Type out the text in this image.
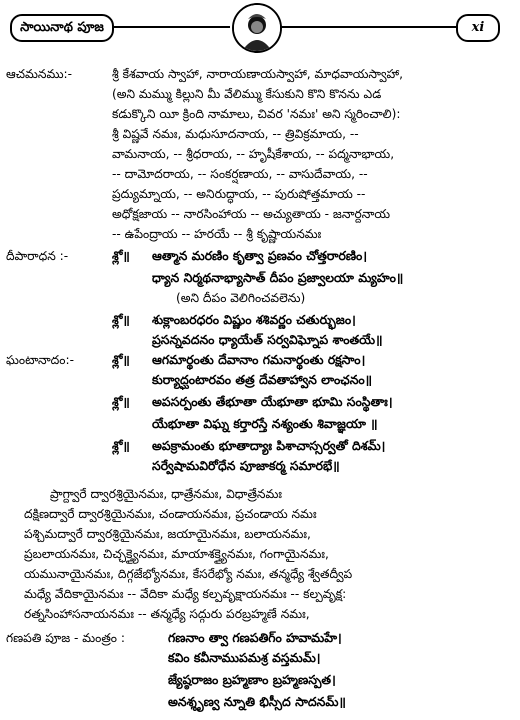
సాయినాథ పూజ	xi
ఆచమనము:-	శ్రీ కేశవాయ స్వాహా, నారాయణాయస్వాహా, మాధవాయస్వాహా,
(అని మమ్ము కిల్లుని మీ వేలిమ్ము కేసుకుని కొని కొనను ఎడ
కడుక్కొని యీ క్రింది నామాలు, చివర 'నమః' అని స్మరించాలి):
శ్రీ విష్ణవే నమః, మధుసూదనాయ, -- త్రివిక్రమాయ, --
వామనాయ, -- శ్రీధరాయ, -- హృషీకేశాయ, -- పద్మనాభాయ,
-- దామోదరాయ, -- సంకర్షణాయ, -- వాసుదేవాయ, --
ప్రద్యుమ్నాయ, -- అనిరుద్ధాయ, -- పురుషోత్తమాయ --
అధోక్షజాయ -- నారసింహాయ -- అచ్యుతాయ - జనార్దనాయ
-- ఉపేంద్రాయ -- హరయే -- శ్రీ కృష్ణాయనమః
దీపారాధన :-	శ్లో॥ ఆత్మాన మరణిం కృత్వా ప్రణవం చోత్తరారణిం।
ధ్యాన నిర్మథనాభ్యాసాత్ దీపం ప్రజ్వాలయా మ్యహం॥
(అని దీపం వెలిగించవలెను)
శ్లో॥ శుక్లాంబరధరం విష్ణుం శశివర్ణం చతుర్భుజం।
ప్రసన్నవదనం ధ్యాయేత్ సర్వవిఘ్నోప శాంతయే॥
ఘంటానాదం:-	శ్లో॥ ఆగమార్థంతు దేవానాం గమనార్థంతు రక్షసాం।
కుర్యాద్ఘంటారవం తత్ర దేవతాహ్వాన లాంఛనం॥
శ్లో॥ అపసర్పంతు తేభూతా యేభూతా భూమి సంస్థితాః।
యేభూతా విఘ్న కర్తారస్తే నశ్యంతు శివాజ్ఞయా ॥
శ్లో॥ అపక్రామంతు భూతాద్యాః పిశాచాస్సర్వతో దిశమ్।
సర్వేషామవిరోధేన పూజాకర్మ సమారభే॥
ప్రాగ్ద్వారే ద్వారశ్రియైనమః, ధాత్రేనమః, విధాత్రేనమః
దక్షిణద్వారే ద్వారశ్రియైనమః, చండాయనమః, ప్రచండాయ నమః
పశ్చిమద్వారే ద్వారశ్రియైనమః, జయాయైనమః, బలాయనమః,
ప్రబలాయనమః, చిచ్ఛక్త్యైనమః, మాయాశక్త్యైనమః, గంగాయైనమః,
యమునాయైనమః, దిగ్గజేభ్యోనమః, కేసరేభ్యో నమః, తన్మధ్యే శ్వేతద్వీప
మధ్యే వేదికాయైనమః -- వేదికా మధ్యే కల్పవృక్షాయనమః -- కల్పవృక్ష:
రత్నసింహాసనాయనమః -- తన్మధ్యే సద్గురు పరబ్రహ్మణే నమః,
గణపతి పూజ - మంత్రం :	గణనాం త్వా గణపతిగ్ం హవామహే।
కవిం కవీనాముపమశ్ర వస్తమమ్।
జ్యేష్ఠరాజం బ్రహ్మణాం బ్రహ్మణస్పత।
అనశ్శృణ్వ న్నూతి భిస్సీద సాదనమ్॥
